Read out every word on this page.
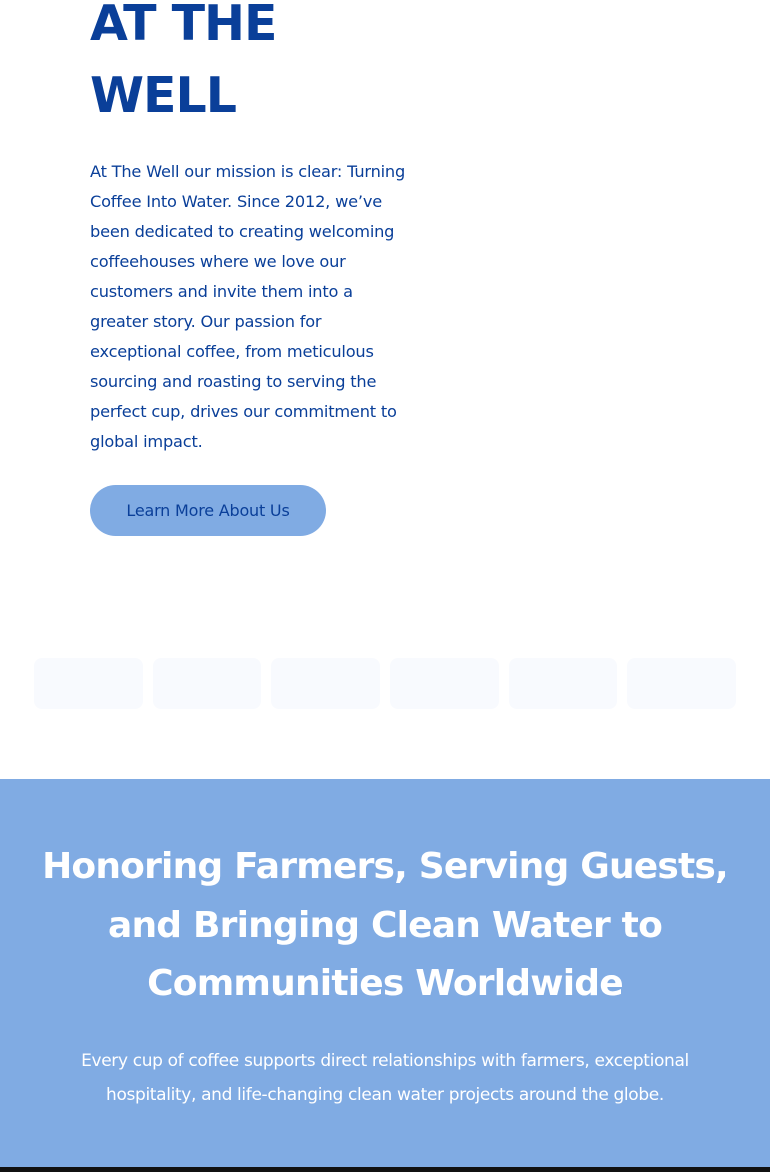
AT THE
WELL

At The Well our mission is clear: Turning Coffee Into Water. Since 2012, we’ve been dedicated to creating welcoming coffeehouses where we love our customers and invite them into a greater story. Our passion for exceptional coffee, from meticulous sourcing and roasting to serving the perfect cup, drives our commitment to global impact.

Learn More About Us
Honoring Farmers, Serving Guests, and Bringing Clean Water to Communities Worldwide

Every cup of coffee supports direct relationships with farmers, exceptional hospitality, and life-changing clean water projects around the globe.
